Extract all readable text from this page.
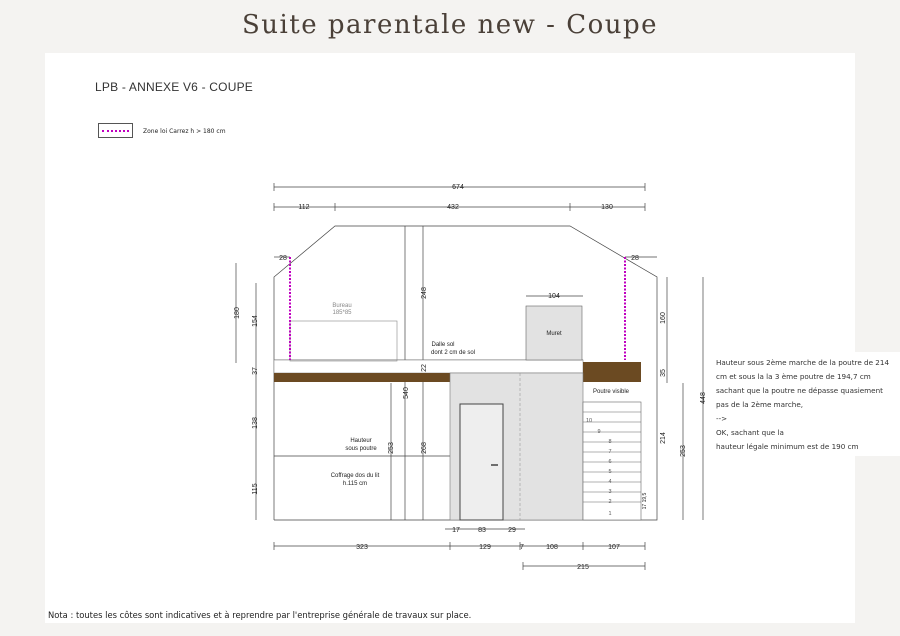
Suite parentale new - Coupe
LPB - ANNEXE V6 - COUPE
Zone loi Carrez h > 180 cm
10
9
8
7
6
5
4
3
2
1
Bureau
185*85
Dalle sol
dont 2 cm de sol
Muret
Poutre visible
Hauteur
sous poutre
Coffrage dos du lit
h.115 cm
674
112	432	130
28	28
104
17	83	29
323	129	7	108	107
215
180
154
37
138
115
248
540
22
253	268
160
35
214
253
448
17 19,5
Hauteur sous 2ème marche de la poutre de 214
cm et sous la la 3 ème poutre de 194,7 cm
sachant que la poutre ne dépasse quasiement
pas de la 2ème marche,
-->
OK, sachant que la
hauteur légale minimum est de 190 cm
Nota : toutes les côtes sont indicatives et à reprendre par l'entreprise générale de travaux sur place.
